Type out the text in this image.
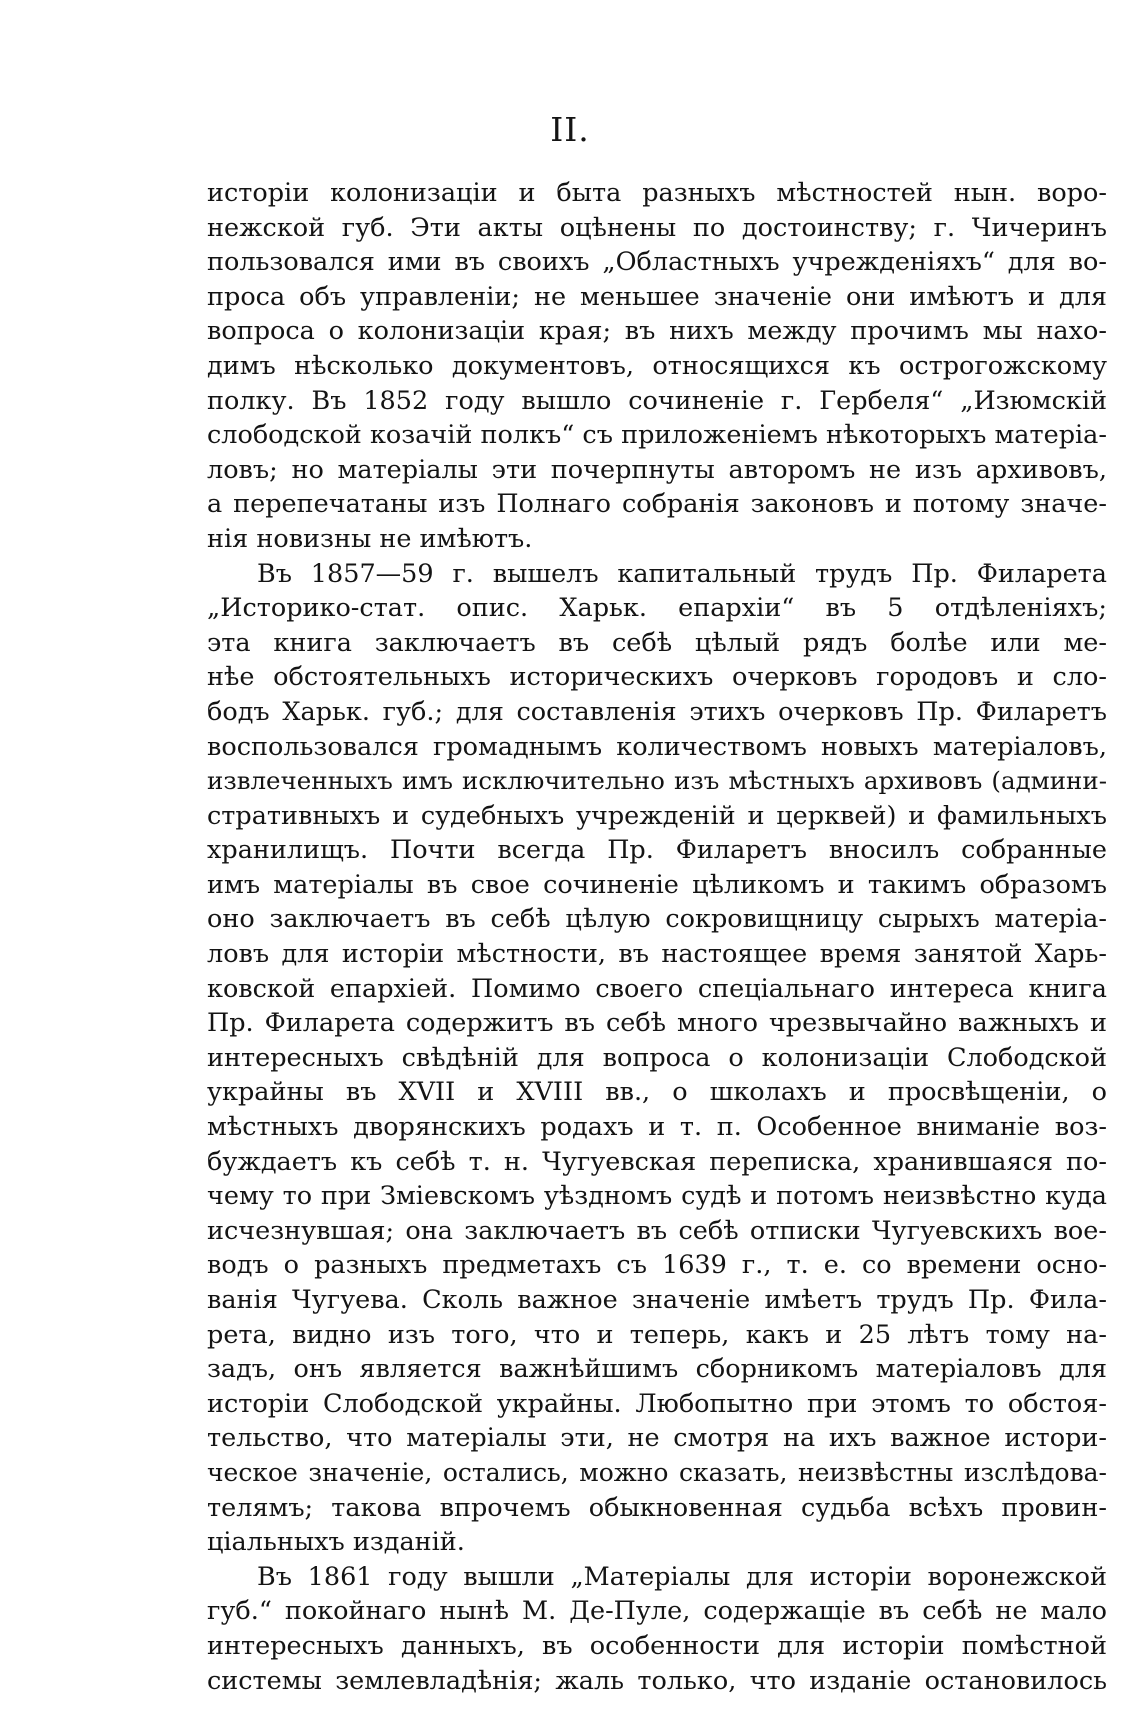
II.
исторіи колонизаціи и быта разныхъ мѣстностей нын. воро-
нежской губ. Эти акты оцѣнены по достоинству; г. Чичеринъ
пользовался ими въ своихъ „Областныхъ учрежденіяхъ“ для во-
проса объ управленіи; не меньшее значеніе они имѣютъ и для
вопроса о колонизаціи края; въ нихъ между прочимъ мы нахо-
димъ нѣсколько документовъ, относящихся къ острогожскому
полку. Въ 1852 году вышло сочиненіе г. Гербеля“ „Изюмскій
слободской козачій полкъ“ съ приложеніемъ нѣкоторыхъ матеріа-
ловъ; но матеріалы эти почерпнуты авторомъ не изъ архивовъ,
а перепечатаны изъ Полнаго собранія законовъ и потому значе-
нія новизны не имѣютъ.
Въ 1857—59 г. вышелъ капитальный трудъ Пр. Филарета
„Историко-стат. опис. Харьк. епархіи“ въ 5 отдѣленіяхъ;
эта книга заключаетъ въ себѣ цѣлый рядъ болѣе или ме-
нѣе обстоятельныхъ историческихъ очерковъ городовъ и сло-
бодъ Харьк. губ.; для составленія этихъ очерковъ Пр. Филаретъ
воспользовался громаднымъ количествомъ новыхъ матеріаловъ,
извлеченныхъ имъ исключительно изъ мѣстныхъ архивовъ (админи-
стративныхъ и судебныхъ учрежденій и церквей) и фамильныхъ
хранилищъ. Почти всегда Пр. Филаретъ вносилъ собранные
имъ матеріалы въ свое сочиненіе цѣликомъ и такимъ образомъ
оно заключаетъ въ себѣ цѣлую сокровищницу сырыхъ матеріа-
ловъ для исторіи мѣстности, въ настоящее время занятой Харь-
ковской епархіей. Помимо своего спеціальнаго интереса книга
Пр. Филарета содержитъ въ себѣ много чрезвычайно важныхъ и
интересныхъ свѣдѣній для вопроса о колонизаціи Слободской
украйны въ XVII и XVIII вв., о школахъ и просвѣщеніи, о
мѣстныхъ дворянскихъ родахъ и т. п. Особенное вниманіе воз-
буждаетъ къ себѣ т. н. Чугуевская переписка, хранившаяся по-
чему то при Зміевскомъ уѣздномъ судѣ и потомъ неизвѣстно куда
исчезнувшая; она заключаетъ въ себѣ отписки Чугуевскихъ вое-
водъ о разныхъ предметахъ съ 1639 г., т. е. со времени осно-
ванія Чугуева. Сколь важное значеніе имѣетъ трудъ Пр. Фила-
рета, видно изъ того, что и теперь, какъ и 25 лѣтъ тому на-
задъ, онъ является важнѣйшимъ сборникомъ матеріаловъ для
исторіи Слободской украйны. Любопытно при этомъ то обстоя-
тельство, что матеріалы эти, не смотря на ихъ важное истори-
ческое значеніе, остались, можно сказать, неизвѣстны изслѣдова-
телямъ; такова впрочемъ обыкновенная судьба всѣхъ провин-
ціальныхъ изданій.
Въ 1861 году вышли „Матеріалы для исторіи воронежской
губ.“ покойнаго нынѣ М. Де-Пуле, содержащіе въ себѣ не мало
интересныхъ данныхъ, въ особенности для исторіи помѣстной
системы землевладѣнія; жаль только, что изданіе остановилось
